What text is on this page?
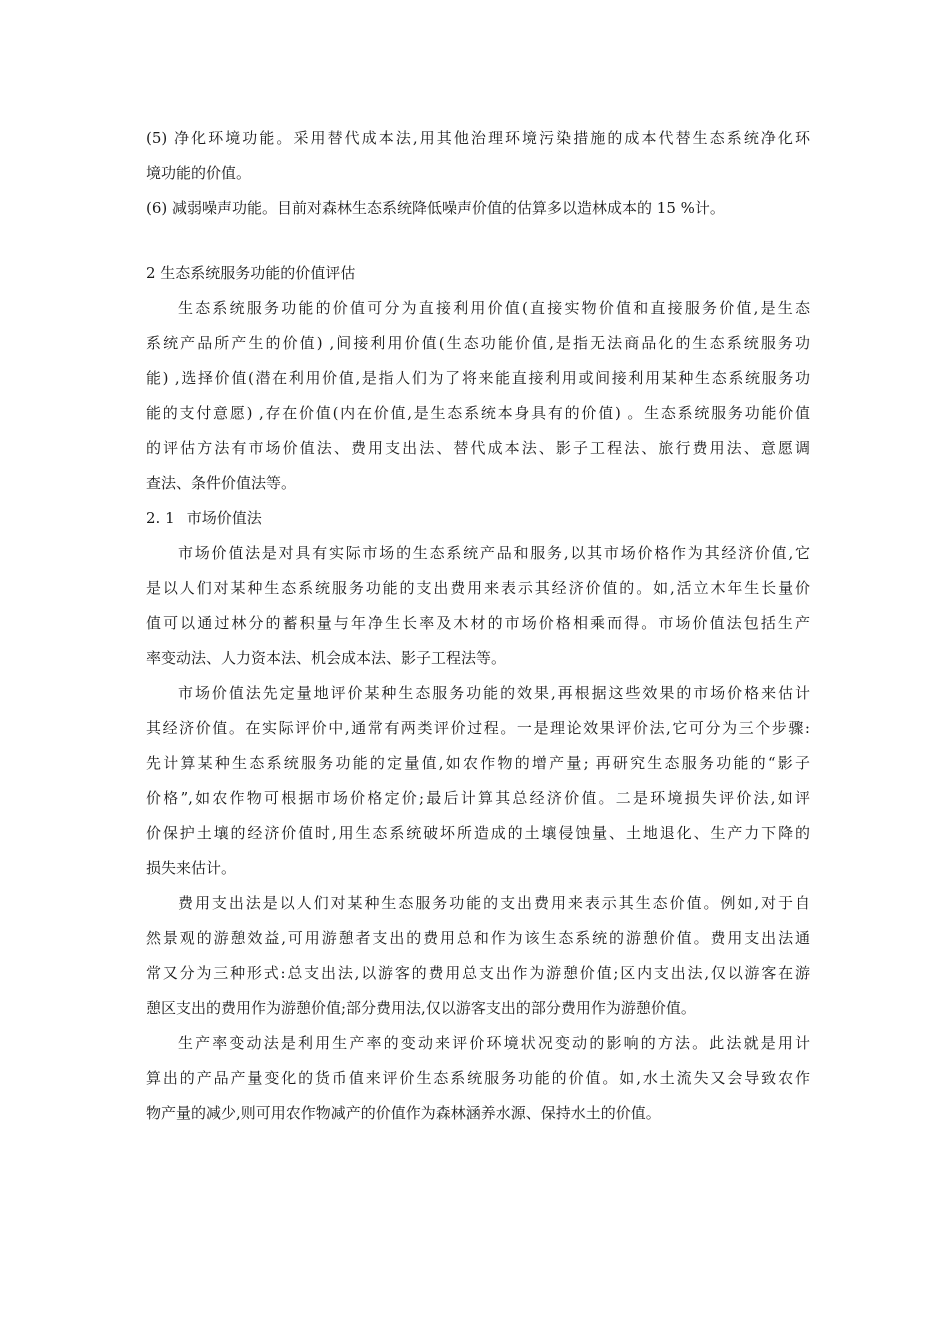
(5) 净化环境功能。采用替代成本法,用其他治理环境污染措施的成本代替生态系统净化环
境功能的价值。
(6) 减弱噪声功能。目前对森林生态系统降低噪声价值的估算多以造林成本的 15 %计。
2 生态系统服务功能的价值评估
生态系统服务功能的价值可分为直接利用价值(直接实物价值和直接服务价值,是生态
系统产品所产生的价值) ,间接利用价值(生态功能价值,是指无法商品化的生态系统服务功
能) ,选择价值(潜在利用价值,是指人们为了将来能直接利用或间接利用某种生态系统服务功
能的支付意愿) ,存在价值(内在价值,是生态系统本身具有的价值) 。生态系统服务功能价值
的评估方法有市场价值法、费用支出法、替代成本法、影子工程法、旅行费用法、意愿调
查法、条件价值法等。
2. 1 市场价值法
市场价值法是对具有实际市场的生态系统产品和服务,以其市场价格作为其经济价值,它
是以人们对某种生态系统服务功能的支出费用来表示其经济价值的。如,活立木年生长量价
值可以通过林分的蓄积量与年净生长率及木材的市场价格相乘而得。市场价值法包括生产
率变动法、人力资本法、机会成本法、影子工程法等。
市场价值法先定量地评价某种生态服务功能的效果,再根据这些效果的市场价格来估计
其经济价值。在实际评价中,通常有两类评价过程。一是理论效果评价法,它可分为三个步骤:
先计算某种生态系统服务功能的定量值,如农作物的增产量; 再研究生态服务功能的“影子
价格”,如农作物可根据市场价格定价;最后计算其总经济价值。二是环境损失评价法,如评
价保护土壤的经济价值时,用生态系统破坏所造成的土壤侵蚀量、土地退化、生产力下降的
损失来估计。
费用支出法是以人们对某种生态服务功能的支出费用来表示其生态价值。例如,对于自
然景观的游憩效益,可用游憩者支出的费用总和作为该生态系统的游憩价值。费用支出法通
常又分为三种形式:总支出法,以游客的费用总支出作为游憩价值;区内支出法,仅以游客在游
憩区支出的费用作为游憩价值;部分费用法,仅以游客支出的部分费用作为游憩价值。
生产率变动法是利用生产率的变动来评价环境状况变动的影响的方法。此法就是用计
算出的产品产量变化的货币值来评价生态系统服务功能的价值。如,水土流失又会导致农作
物产量的减少,则可用农作物减产的价值作为森林涵养水源、保持水土的价值。
